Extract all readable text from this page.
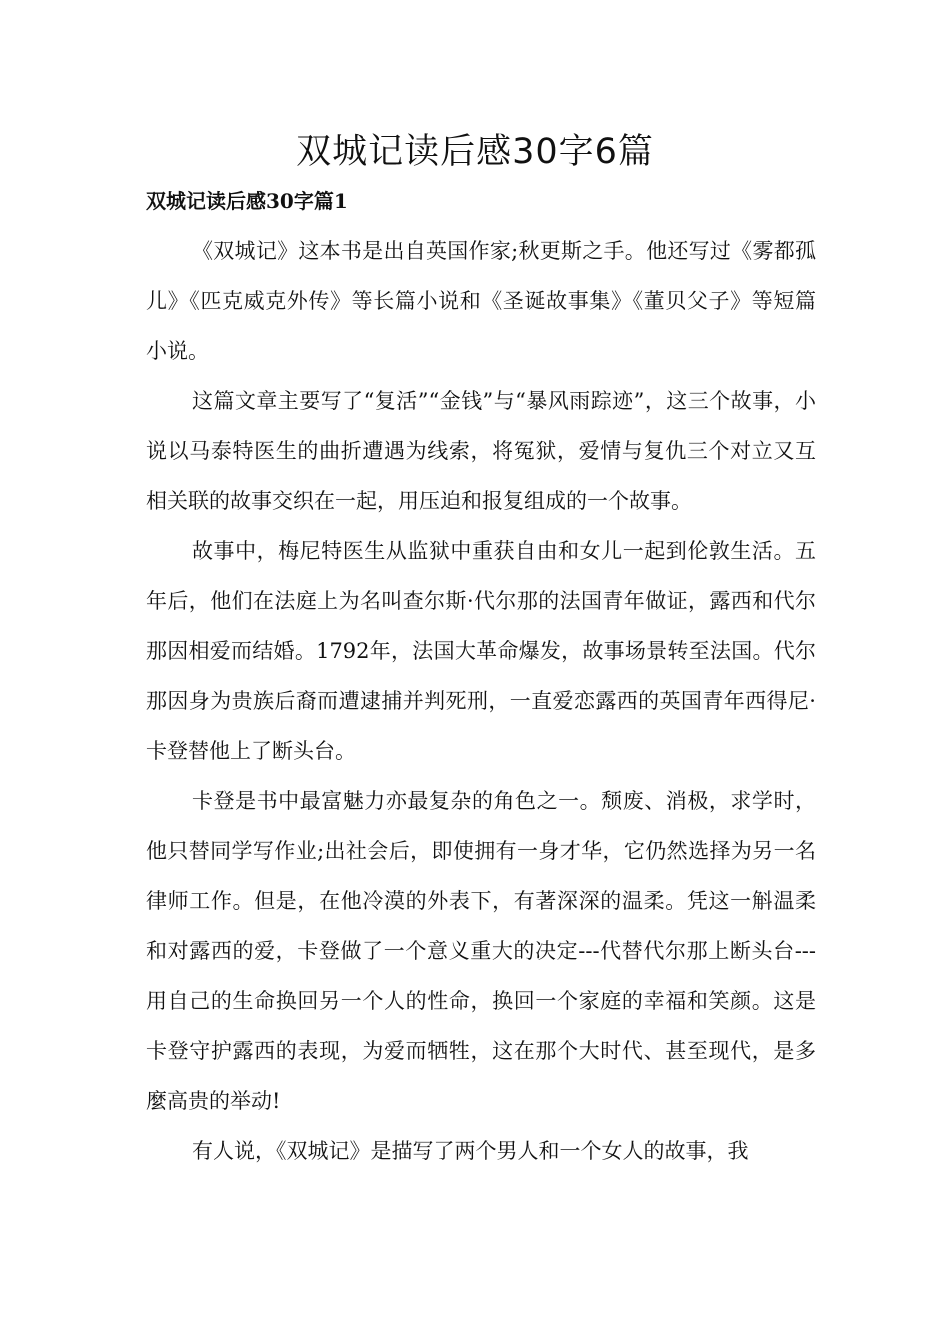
双城记读后感30字6篇
双城记读后感30字篇1

《双城记》这本书是出自英国作家;秋更斯之手。他还写过《雾都孤儿》《匹克威克外传》等长篇小说和《圣诞故事集》《董贝父子》等短篇小说。

这篇文章主要写了“复活”“金钱”与“暴风雨踪迹”，这三个故事，小说以马泰特医生的曲折遭遇为线索，将冤狱，爱情与复仇三个对立又互相关联的故事交织在一起，用压迫和报复组成的一个故事。

故事中，梅尼特医生从监狱中重获自由和女儿一起到伦敦生活。五年后，他们在法庭上为名叫查尔斯·代尔那的法国青年做证，露西和代尔那因相爱而结婚。1792年，法国大革命爆发，故事场景转至法国。代尔那因身为贵族后裔而遭逮捕并判死刑，一直爱恋露西的英国青年西得尼·卡登替他上了断头台。

卡登是书中最富魅力亦最复杂的角色之一。颓废、消极，求学时，他只替同学写作业;出社会后，即使拥有一身才华，它仍然选择为另一名律师工作。但是，在他冷漠的外表下，有著深深的温柔。凭这一斛温柔和对露西的爱，卡登做了一个意义重大的决定---代替代尔那上断头台---用自己的生命换回另一个人的性命，换回一个家庭的幸福和笑颜。这是卡登守护露西的表现，为爱而牺牲，这在那个大时代、甚至现代，是多麼高贵的举动!

有人说，《双城记》是描写了两个男人和一个女人的故事，我
